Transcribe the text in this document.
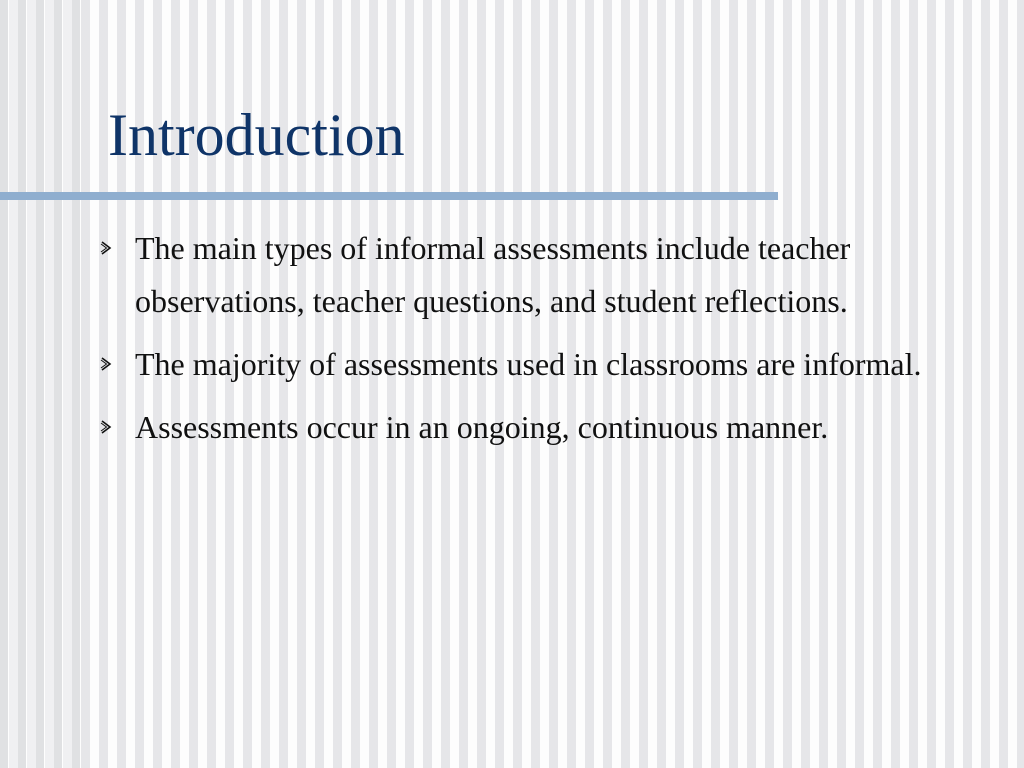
Introduction
The main types of informal assessments include teacher observations, teacher questions, and student reflections.
The majority of assessments used in classrooms are informal.
Assessments occur in an ongoing, continuous manner.
